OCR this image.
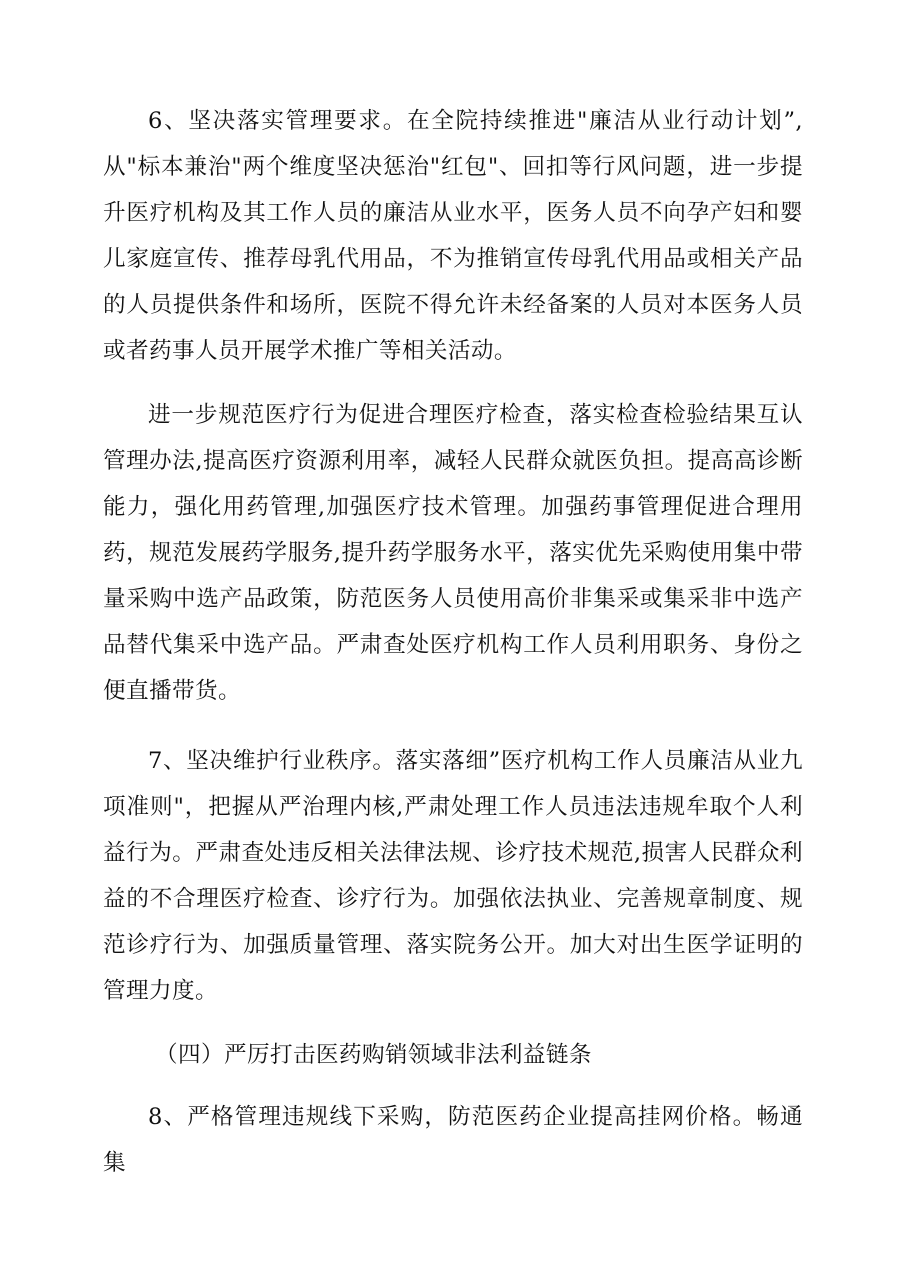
6、坚决落实管理要求。在全院持续推进"廉洁从业行动计划”,从"标本兼治"两个维度坚决惩治"红包"、回扣等行风问题，进一步提升医疗机构及其工作人员的廉洁从业水平，医务人员不向孕产妇和婴儿家庭宣传、推荐母乳代用品，不为推销宣传母乳代用品或相关产品的人员提供条件和场所，医院不得允许未经备案的人员对本医务人员或者药事人员开展学术推广等相关活动。

进一步规范医疗行为促进合理医疗检查，落实检查检验结果互认管理办法,提高医疗资源利用率，减轻人民群众就医负担。提高高诊断能力，强化用药管理,加强医疗技术管理。加强药事管理促进合理用药，规范发展药学服务,提升药学服务水平，落实优先采购使用集中带量采购中选产品政策，防范医务人员使用高价非集采或集采非中选产品替代集采中选产品。严肃查处医疗机构工作人员利用职务、身份之便直播带货。

7、坚决维护行业秩序。落实落细”医疗机构工作人员廉洁从业九项准则"，把握从严治理内核,严肃处理工作人员违法违规牟取个人利益行为。严肃查处违反相关法律法规、诊疗技术规范,损害人民群众利益的不合理医疗检查、诊疗行为。加强依法执业、完善规章制度、规范诊疗行为、加强质量管理、落实院务公开。加大对出生医学证明的管理力度。

（四）严厉打击医药购销领域非法利益链条

8、严格管理违规线下采购，防范医药企业提高挂网价格。畅通集
